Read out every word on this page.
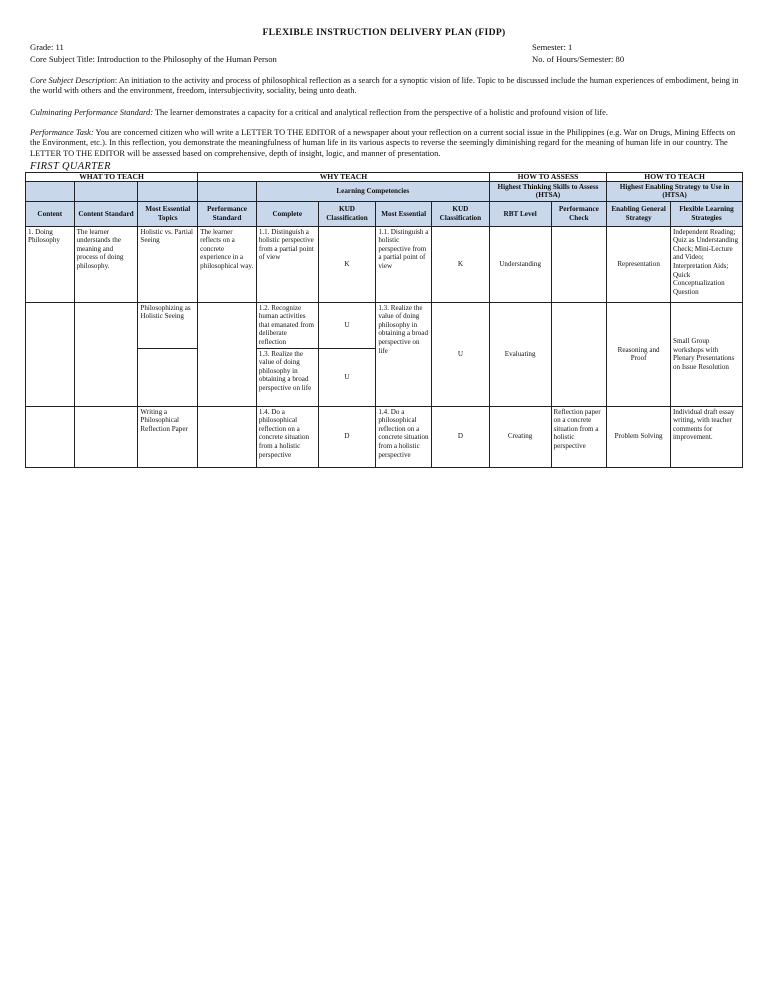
FLEXIBLE INSTRUCTION DELIVERY PLAN (FIDP)
Grade: 11	Semester: 1
Core Subject Title: Introduction to the Philosophy of the Human Person	No. of Hours/Semester: 80
Core Subject Description: An initiation to the activity and process of philosophical reflection as a search for a synoptic vision of life. Topic to be discussed include the human experiences of embodiment, being in the world with others and the environment, freedom, intersubjectivity, sociality, being unto death.
Culminating Performance Standard: The learner demonstrates a capacity for a critical and analytical reflection from the perspective of a holistic and profound vision of life.
Performance Task: You are concerned citizen who will write a LETTER TO THE EDITOR of a newspaper about your reflection on a current social issue in the Philippines (e.g. War on Drugs, Mining Effects on the Environment, etc.). In this reflection, you demonstrate the meaningfulness of human life in its various aspects to reverse the seemingly diminishing regard for the meaning of human life in our country. The LETTER TO THE EDITOR will be assessed based on comprehensive, depth of insight, logic, and manner of presentation.
FIRST QUARTER
WHAT TO TEACH			WHY TEACH					HOW TO ASSESS		HOW TO TEACH	
				Learning Competencies				Highest Thinking Skills to Assess (HTSA)		Highest Enabling Strategy to Use in (HTSA)	
Content	Content Standard	Most Essential Topics	Performance Standard	Complete	KUD Classification	Most Essential	KUD Classification	RBT Level	Performance Check	Enabling General Strategy	Flexible Learning Strategies
1. Doing Philosophy	The learner understands the meaning and process of doing philosophy.	Holistic vs. Partial Seeing	The learner reflects on a concrete experience in a philosophical way.	1.1. Distinguish a holistic perspective from a partial point of view	K	1.1. Distinguish a holistic perspective from a partial point of view	K	Understanding		Representation	Independent Reading; Quiz as Understanding Check; Mini-Lecture and Video; Interpretation Aids; Quick Conceptualization Question
		Philosophizing as Holistic Seeing		1.2. Recognize human activities that emanated from deliberate reflection	U	1.3. Realize the value of doing philosophy in obtaining a broad perspective on life	U	Evaluating		Reasoning and Proof	Small Group workshops with Plenary Presentations on Issue Resolution
				1.3. Realize the value of doing philosophy in obtaining a broad perspective on life	U						
		Writing a Philosophical Reflection Paper		1.4. Do a philosophical reflection on a concrete situation from a holistic perspective	D	1.4. Do a philosophical reflection on a concrete situation from a holistic perspective	D	Creating	Reflection paper on a concrete situation from a holistic perspective	Problem Solving	Individual draft essay writing, with teacher comments for improvement.
